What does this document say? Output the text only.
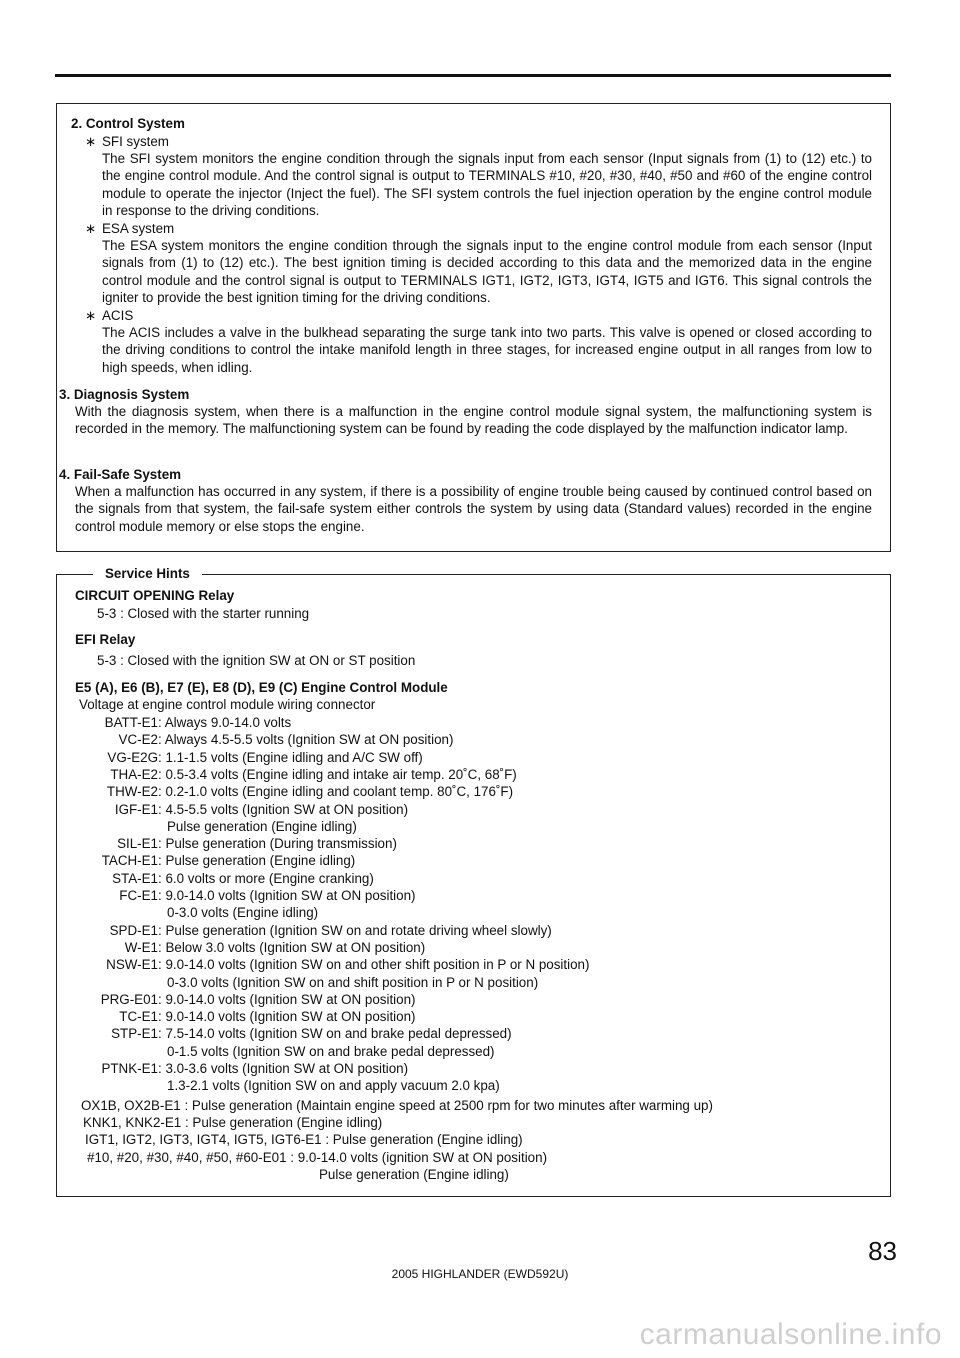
2. Control System
∗ SFI system
The SFI system monitors the engine condition through the signals input from each sensor (Input signals from (1) to (12) etc.) to the engine control module. And the control signal is output to TERMINALS #10, #20, #30, #40, #50 and #60 of the engine control module to operate the injector (Inject the fuel). The SFI system controls the fuel injection operation by the engine control module in response to the driving conditions.
∗ ESA system
The ESA system monitors the engine condition through the signals input to the engine control module from each sensor (Input signals from (1) to (12) etc.). The best ignition timing is decided according to this data and the memorized data in the engine control module and the control signal is output to TERMINALS IGT1, IGT2, IGT3, IGT4, IGT5 and IGT6. This signal controls the igniter to provide the best ignition timing for the driving conditions.
∗ ACIS
The ACIS includes a valve in the bulkhead separating the surge tank into two parts. This valve is opened or closed according to the driving conditions to control the intake manifold length in three stages, for increased engine output in all ranges from low to high speeds, when idling.
3. Diagnosis System
With the diagnosis system, when there is a malfunction in the engine control module signal system, the malfunctioning system is recorded in the memory. The malfunctioning system can be found by reading the code displayed by the malfunction indicator lamp.
4. Fail-Safe System
When a malfunction has occurred in any system, if there is a possibility of engine trouble being caused by continued control based on the signals from that system, the fail-safe system either controls the system by using data (Standard values) recorded in the engine control module memory or else stops the engine.
Service Hints
CIRCUIT OPENING Relay
5-3 : Closed with the starter running
EFI Relay
5-3 : Closed with the ignition SW at ON or ST position
E5 (A), E6 (B), E7 (E), E8 (D), E9 (C) Engine Control Module
Voltage at engine control module wiring connector
BATT-E1 : Always 9.0-14.0 volts
VC-E2 : Always 4.5-5.5 volts (Ignition SW at ON position)
VG-E2G : 1.1-1.5 volts (Engine idling and A/C SW off)
THA-E2 : 0.5-3.4 volts (Engine idling and intake air temp. 20˚C, 68˚F)
THW-E2 : 0.2-1.0 volts (Engine idling and coolant temp. 80˚C, 176˚F)
IGF-E1 : 4.5-5.5 volts (Ignition SW at ON position)
Pulse generation (Engine idling)
SIL-E1 : Pulse generation (During transmission)
TACH-E1 : Pulse generation (Engine idling)
STA-E1 : 6.0 volts or more (Engine cranking)
FC-E1 : 9.0-14.0 volts (Ignition SW at ON position)
0-3.0 volts (Engine idling)
SPD-E1 : Pulse generation (Ignition SW on and rotate driving wheel slowly)
W-E1 : Below 3.0 volts (Ignition SW at ON position)
NSW-E1 : 9.0-14.0 volts (Ignition SW on and other shift position in P or N position)
0-3.0 volts (Ignition SW on and shift position in P or N position)
PRG-E01 : 9.0-14.0 volts (Ignition SW at ON position)
TC-E1 : 9.0-14.0 volts (Ignition SW at ON position)
STP-E1 : 7.5-14.0 volts (Ignition SW on and brake pedal depressed)
0-1.5 volts (Ignition SW on and brake pedal depressed)
PTNK-E1 : 3.0-3.6 volts (Ignition SW at ON position)
1.3-2.1 volts (Ignition SW on and apply vacuum 2.0 kpa)
OX1B, OX2B-E1 : Pulse generation (Maintain engine speed at 2500 rpm for two minutes after warming up)
KNK1, KNK2-E1 : Pulse generation (Engine idling)
IGT1, IGT2, IGT3, IGT4, IGT5, IGT6-E1 : Pulse generation (Engine idling)
#10, #20, #30, #40, #50, #60-E01 : 9.0-14.0 volts (ignition SW at ON position)
Pulse generation (Engine idling)
83
2005 HIGHLANDER (EWD592U)
carmanualsonline.info
